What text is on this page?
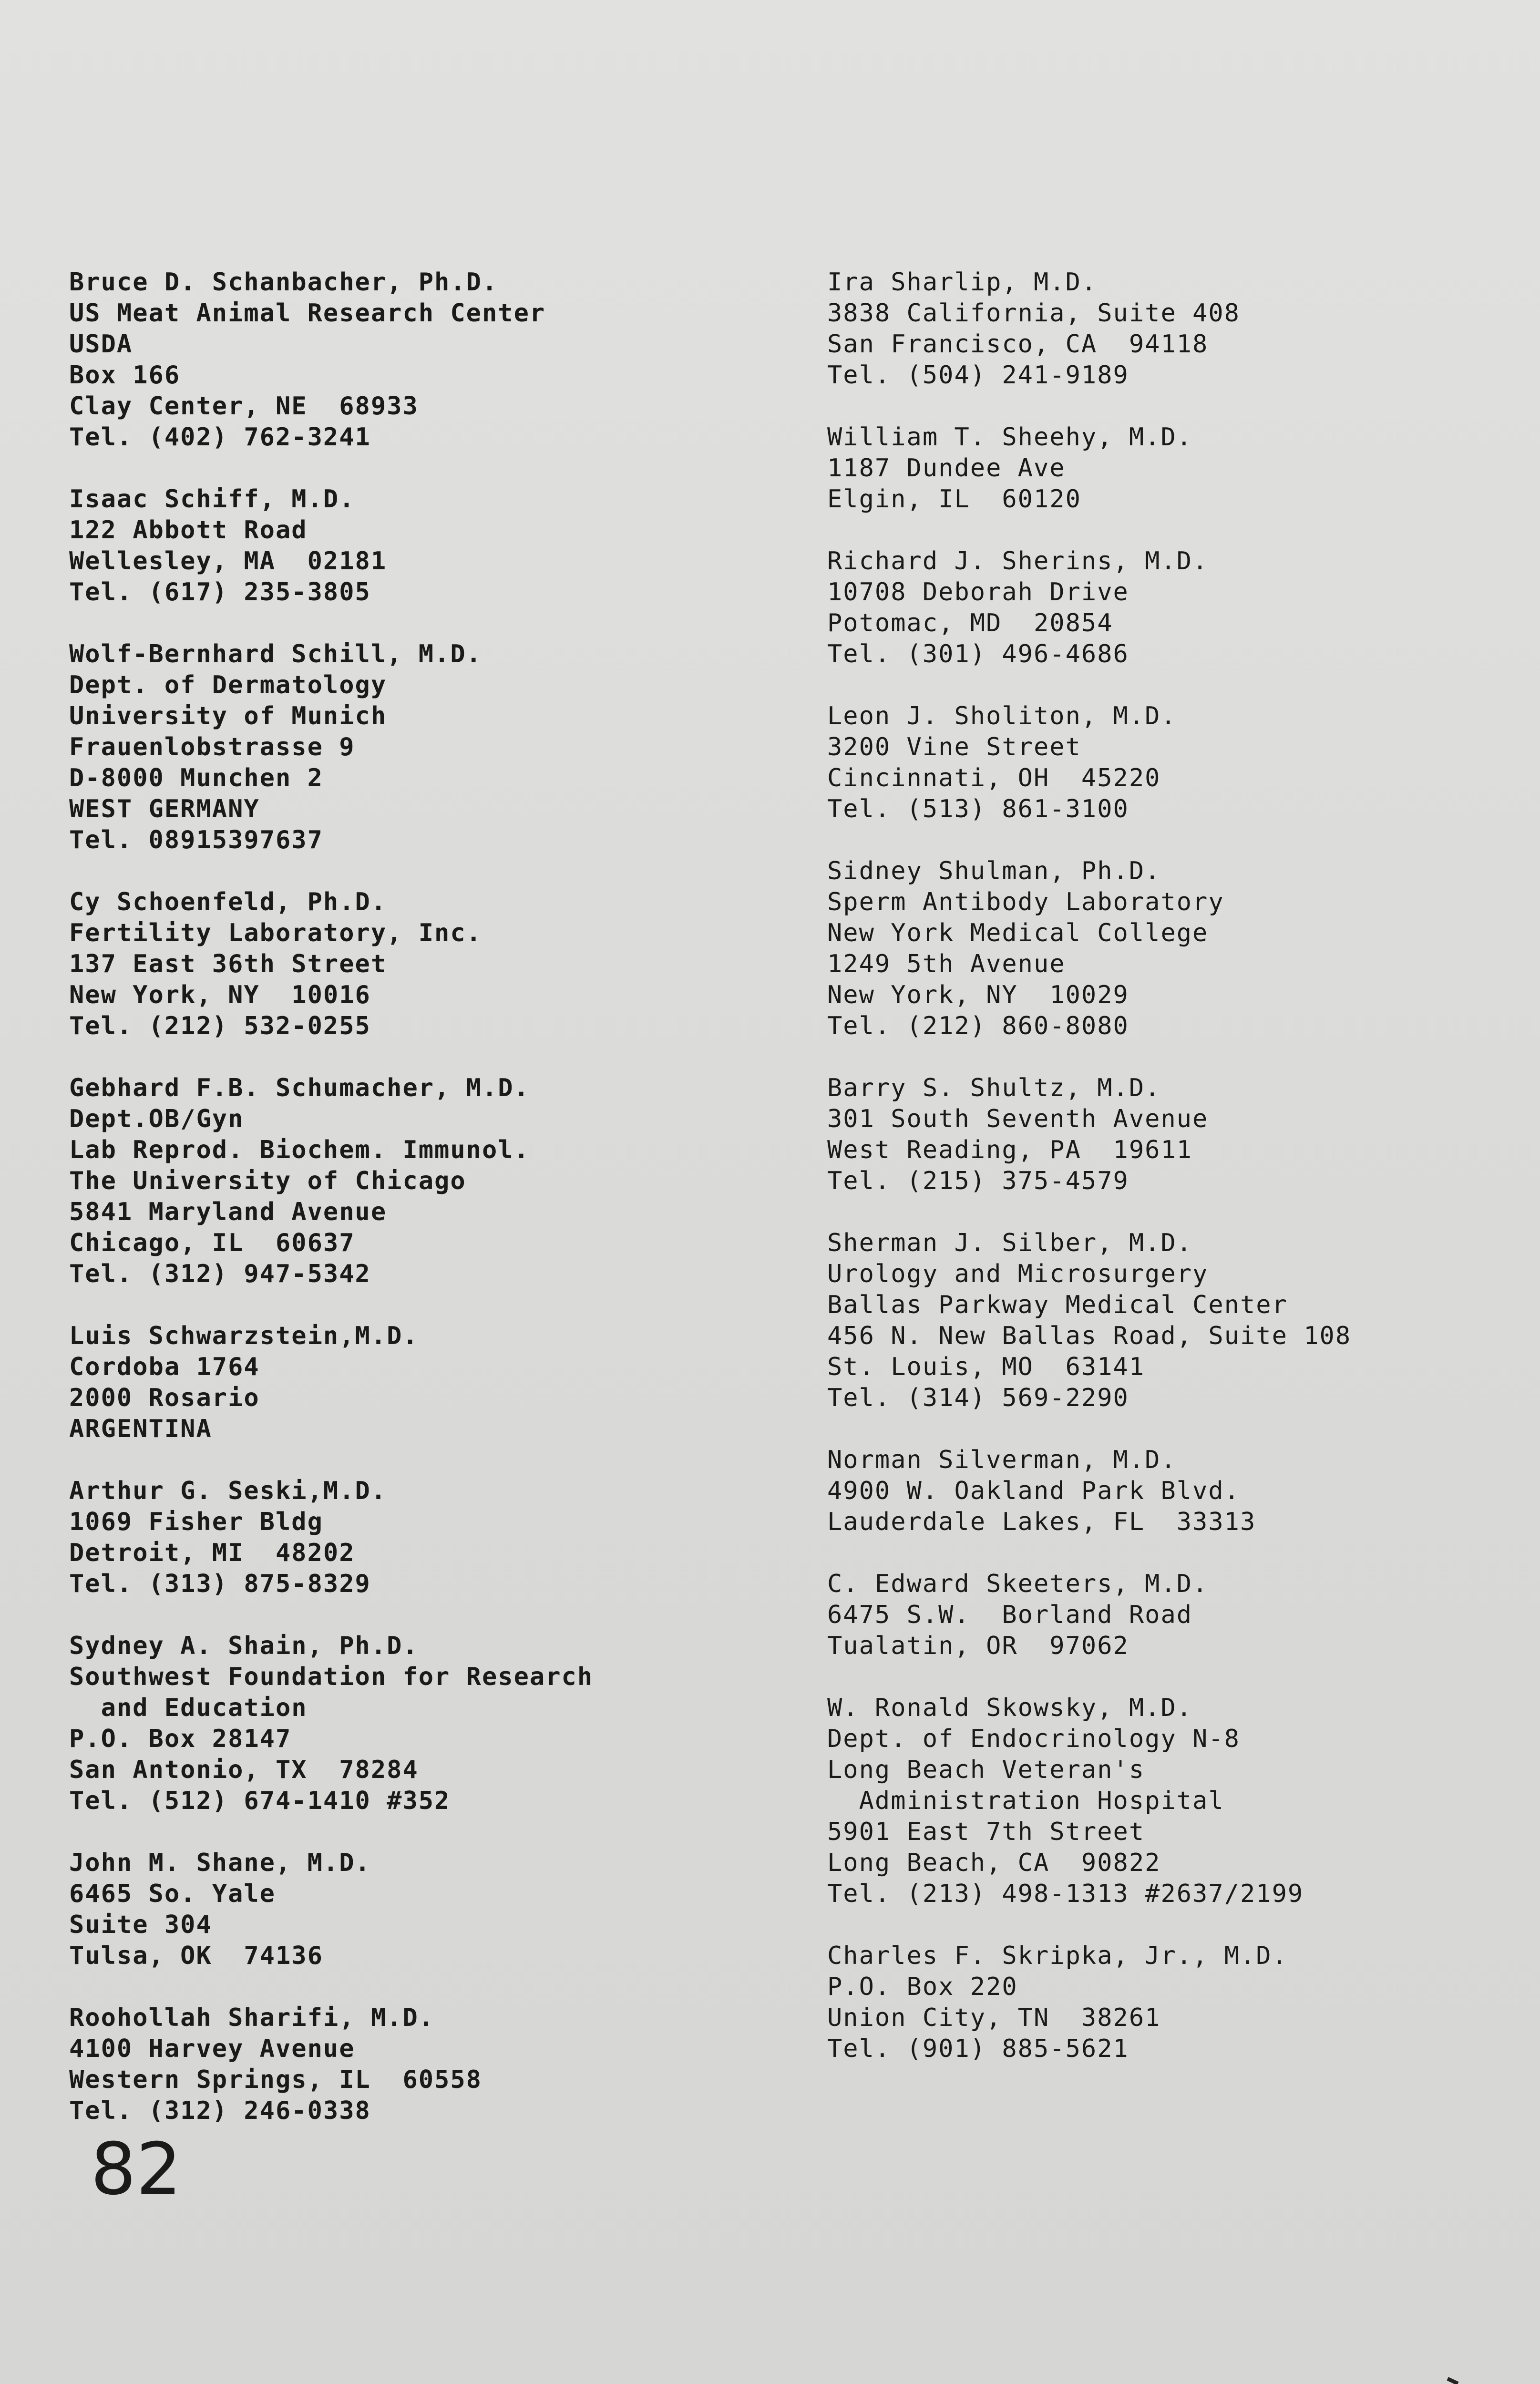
Bruce D. Schanbacher, Ph.D.
US Meat Animal Research Center
USDA
Box 166
Clay Center, NE  68933
Tel. (402) 762-3241
Isaac Schiff, M.D.
122 Abbott Road
Wellesley, MA  02181
Tel. (617) 235-3805
Wolf-Bernhard Schill, M.D.
Dept. of Dermatology
University of Munich
Frauenlobstrasse 9
D-8000 Munchen 2
WEST GERMANY
Tel. 08915397637
Cy Schoenfeld, Ph.D.
Fertility Laboratory, Inc.
137 East 36th Street
New York, NY  10016
Tel. (212) 532-0255
Gebhard F.B. Schumacher, M.D.
Dept.OB/Gyn
Lab Reprod. Biochem. Immunol.
The University of Chicago
5841 Maryland Avenue
Chicago, IL  60637
Tel. (312) 947-5342
Luis Schwarzstein,M.D.
Cordoba 1764
2000 Rosario
ARGENTINA
Arthur G. Seski,M.D.
1069 Fisher Bldg
Detroit, MI  48202
Tel. (313) 875-8329
Sydney A. Shain, Ph.D.
Southwest Foundation for Research
and Education
P.O. Box 28147
San Antonio, TX  78284
Tel. (512) 674-1410 #352
John M. Shane, M.D.
6465 So. Yale
Suite 304
Tulsa, OK  74136
Roohollah Sharifi, M.D.
4100 Harvey Avenue
Western Springs, IL  60558
Tel. (312) 246-0338
Ira Sharlip, M.D.
3838 California, Suite 408
San Francisco, CA  94118
Tel. (504) 241-9189
William T. Sheehy, M.D.
1187 Dundee Ave
Elgin, IL  60120
Richard J. Sherins, M.D.
10708 Deborah Drive
Potomac, MD  20854
Tel. (301) 496-4686
Leon J. Sholiton, M.D.
3200 Vine Street
Cincinnati, OH  45220
Tel. (513) 861-3100
Sidney Shulman, Ph.D.
Sperm Antibody Laboratory
New York Medical College
1249 5th Avenue
New York, NY  10029
Tel. (212) 860-8080
Barry S. Shultz, M.D.
301 South Seventh Avenue
West Reading, PA  19611
Tel. (215) 375-4579
Sherman J. Silber, M.D.
Urology and Microsurgery
Ballas Parkway Medical Center
456 N. New Ballas Road, Suite 108
St. Louis, MO  63141
Tel. (314) 569-2290
Norman Silverman, M.D.
4900 W. Oakland Park Blvd.
Lauderdale Lakes, FL  33313
C. Edward Skeeters, M.D.
6475 S.W.  Borland Road
Tualatin, OR  97062
W. Ronald Skowsky, M.D.
Dept. of Endocrinology N-8
Long Beach Veteran's
Administration Hospital
5901 East 7th Street
Long Beach, CA  90822
Tel. (213) 498-1313 #2637/2199
Charles F. Skripka, Jr., M.D.
P.O. Box 220
Union City, TN  38261
Tel. (901) 885-5621
82
